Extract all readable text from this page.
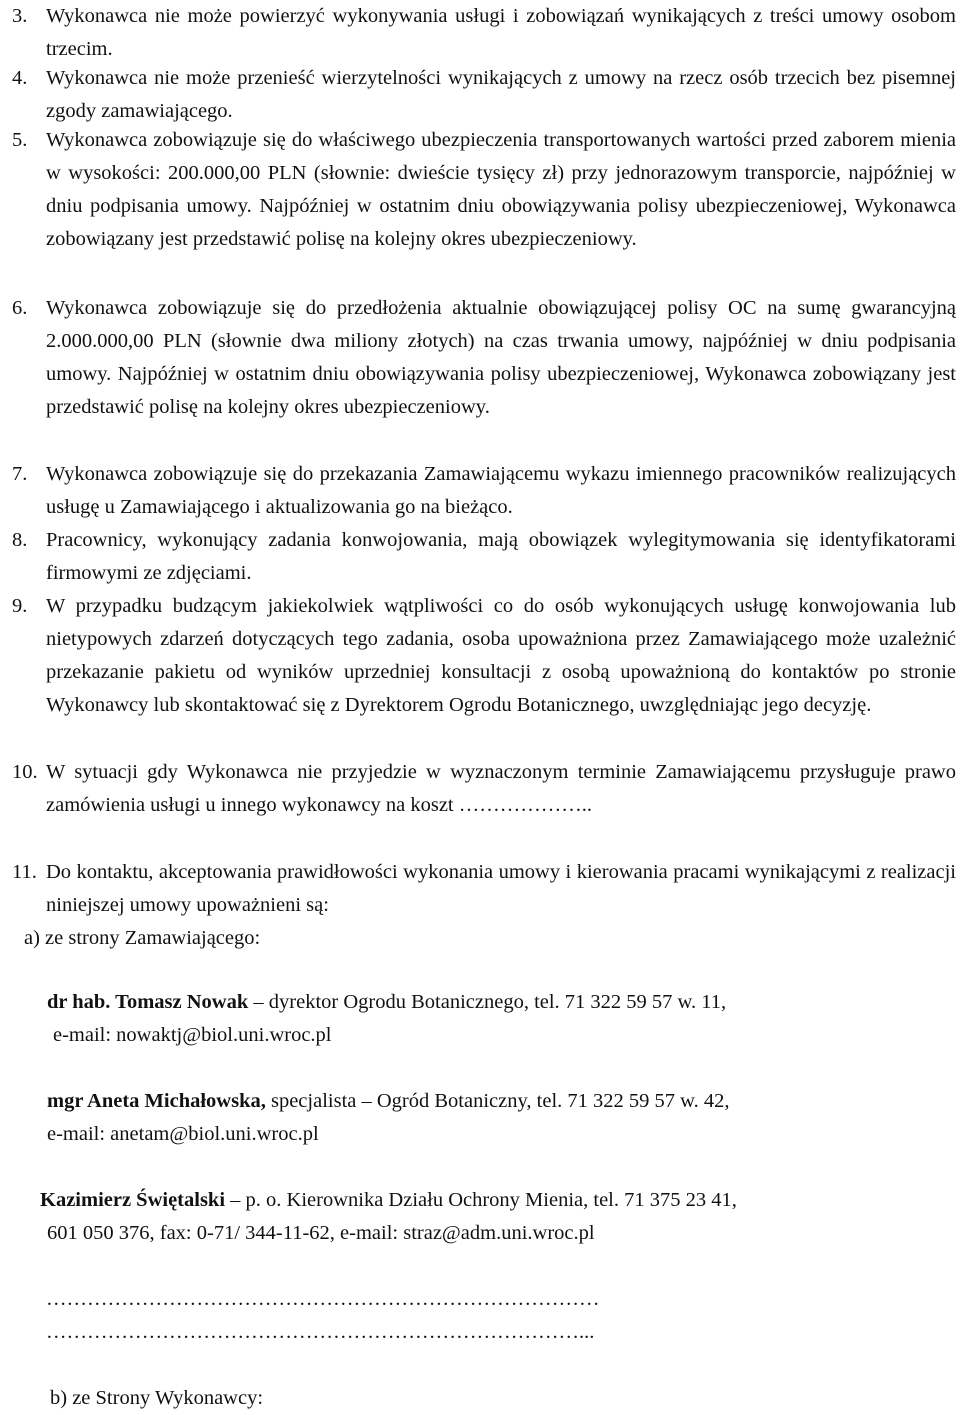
3. Wykonawca nie może powierzyć wykonywania usługi i zobowiązań wynikających z treści umowy osobom trzecim.
4. Wykonawca nie może przenieść wierzytelności wynikających z umowy na rzecz osób trzecich bez pisemnej zgody zamawiającego.
5. Wykonawca zobowiązuje się do właściwego ubezpieczenia transportowanych wartości przed zaborem mienia w wysokości: 200.000,00 PLN (słownie: dwieście tysięcy zł) przy jednorazowym transporcie, najpóźniej w dniu podpisania umowy. Najpóźniej w ostatnim dniu obowiązywania polisy ubezpieczeniowej, Wykonawca zobowiązany jest przedstawić polisę na kolejny okres ubezpieczeniowy.
6. Wykonawca zobowiązuje się do przedłożenia aktualnie obowiązującej polisy OC na sumę gwarancyjną 2.000.000,00 PLN (słownie dwa miliony złotych) na czas trwania umowy, najpóźniej w dniu podpisania umowy. Najpóźniej w ostatnim dniu obowiązywania polisy ubezpieczeniowej, Wykonawca zobowiązany jest przedstawić polisę na kolejny okres ubezpieczeniowy.
7. Wykonawca zobowiązuje się do przekazania Zamawiającemu wykazu imiennego pracowników realizujących usługę u Zamawiającego i aktualizowania go na bieżąco.
8. Pracownicy, wykonujący zadania konwojowania, mają obowiązek wylegitymowania się identyfikatorami firmowymi ze zdjęciami.
9. W przypadku budzącym jakiekolwiek wątpliwości co do osób wykonujących usługę konwojowania lub nietypowych zdarzeń dotyczących tego zadania, osoba upoważniona przez Zamawiającego może uzależnić przekazanie pakietu od wyników uprzedniej konsultacji z osobą upoważnioną do kontaktów po stronie Wykonawcy lub skontaktować się z Dyrektorem Ogrodu Botanicznego, uwzględniając jego decyzję.
10. W sytuacji gdy Wykonawca nie przyjedzie w wyznaczonym terminie Zamawiającemu przysługuje prawo zamówienia usługi u innego wykonawcy na koszt ………………..
11. Do kontaktu, akceptowania prawidłowości wykonania umowy i kierowania pracami wynikającymi z realizacji niniejszej umowy upoważnieni są:
a) ze strony Zamawiającego:
dr hab. Tomasz Nowak – dyrektor Ogrodu Botanicznego, tel. 71 322 59 57 w. 11,
e-mail: nowaktj@biol.uni.wroc.pl
mgr Aneta Michałowska, specjalista – Ogród Botaniczny, tel. 71 322 59 57 w. 42,
e-mail: anetam@biol.uni.wroc.pl
Kazimierz Świętalski – p. o. Kierownika Działu Ochrony Mienia, tel. 71 375 23 41,
601 050 376, fax: 0-71/ 344-11-62, e-mail: straz@adm.uni.wroc.pl
………………………………………………………………………
……………………………………………………………………...
b) ze Strony Wykonawcy:
